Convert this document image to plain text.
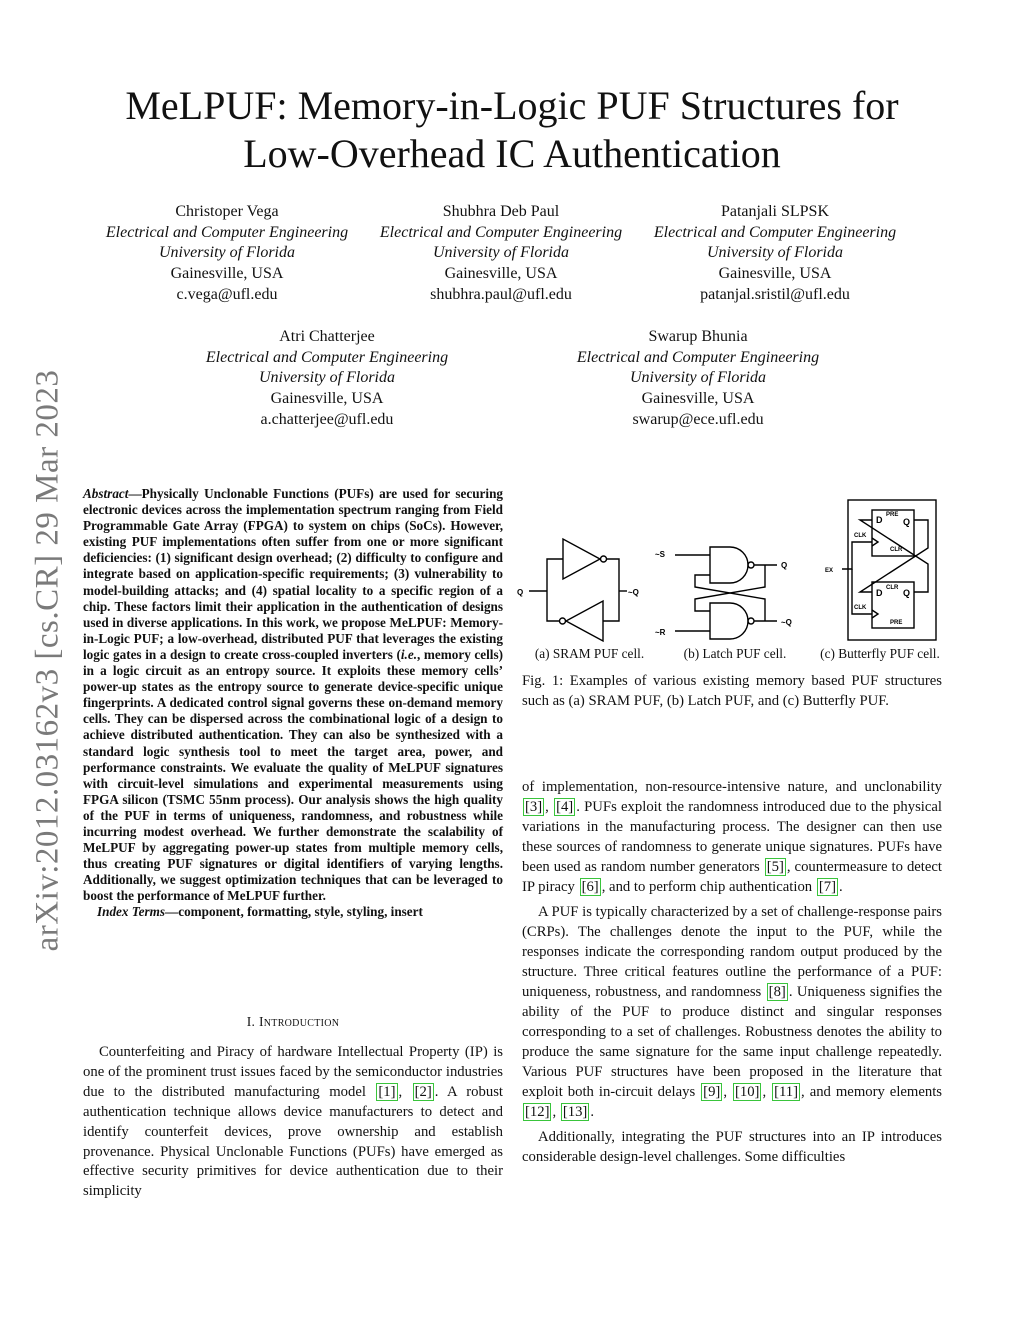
arXiv:2012.03162v3 [cs.CR] 29 Mar 2023
MeLPUF: Memory-in-Logic PUF Structures for
Low-Overhead IC Authentication
Christoper Vega
Electrical and Computer Engineering
University of Florida
Gainesville, USA
c.vega@ufl.edu
Shubhra Deb Paul
Electrical and Computer Engineering
University of Florida
Gainesville, USA
shubhra.paul@ufl.edu
Patanjali SLPSK
Electrical and Computer Engineering
University of Florida
Gainesville, USA
patanjal.sristil@ufl.edu
Atri Chatterjee
Electrical and Computer Engineering
University of Florida
Gainesville, USA
a.chatterjee@ufl.edu
Swarup Bhunia
Electrical and Computer Engineering
University of Florida
Gainesville, USA
swarup@ece.ufl.edu
Abstract—Physically Unclonable Functions (PUFs) are used for securing electronic devices across the implementation spectrum ranging from Field Programmable Gate Array (FPGA) to system on chips (SoCs). However, existing PUF implementations often suffer from one or more significant deficiencies: (1) significant design overhead; (2) difficulty to configure and integrate based on application-specific requirements; (3) vulnerability to model-building attacks; and (4) spatial locality to a specific region of a chip. These factors limit their application in the authentication of designs used in diverse applications. In this work, we propose MeLPUF: Memory-in-Logic PUF; a low-overhead, distributed PUF that leverages the existing logic gates in a design to create cross-coupled inverters (i.e., memory cells) in a logic circuit as an entropy source. It exploits these memory cells’ power-up states as the entropy source to generate device-specific unique fingerprints. A dedicated control signal governs these on-demand memory cells. They can be dispersed across the combinational logic of a design to achieve distributed authentication. They can also be synthesized with a standard logic synthesis tool to meet the target area, power, and performance constraints. We evaluate the quality of MeLPUF signatures with circuit-level simulations and experimental measurements using FPGA silicon (TSMC 55nm process). Our analysis shows the high quality of the PUF in terms of uniqueness, randomness, and robustness while incurring modest overhead. We further demonstrate the scalability of MeLPUF by aggregating power-up states from multiple memory cells, thus creating PUF signatures or digital identifiers of varying lengths. Additionally, we suggest optimization techniques that can be leveraged to boost the performance of MeLPUF further.
Index Terms—component, formatting, style, styling, insert
I. Introduction
Counterfeiting and Piracy of hardware Intellectual Property (IP) is one of the prominent trust issues faced by the semiconductor industries due to the distributed manufacturing model [1] , [2] . A robust authentication technique allows device manufacturers to detect and identify counterfeit devices, prove ownership and establish provenance. Physical Unclonable Functions (PUFs) have emerged as effective security primitives for device authentication due to their simplicity
Q	~Q
~S
~R
Q
~Q
D Q
PRE
CLR
CLK
EX
D Q
CLR
PRE
CLK
(a) SRAM PUF cell.	(b) Latch PUF cell.	(c) Butterfly PUF cell.
Fig. 1: Examples of various existing memory based PUF structures such as (a) SRAM PUF, (b) Latch PUF, and (c) Butterfly PUF.

of implementation, non-resource-intensive nature, and unclonability [3] , [4] . PUFs exploit the randomness introduced due to the physical variations in the manufacturing process. The designer can then use these sources of randomness to generate unique signatures. PUFs have been used as random number generators [5] , countermeasure to detect IP piracy [6] , and to perform chip authentication [7] .

A PUF is typically characterized by a set of challenge-response pairs (CRPs). The challenges denote the input to the PUF, while the responses indicate the corresponding random output produced by the structure. Three critical features outline the performance of a PUF: uniqueness, robustness, and randomness [8] . Uniqueness signifies the ability of the PUF to produce distinct and singular responses corresponding to a set of challenges. Robustness denotes the ability to produce the same signature for the same input challenge repeatedly. Various PUF structures have been proposed in the literature that exploit both in-circuit delays [9] , [10] , [11] , and memory elements [12] , [13] .

Additionally, integrating the PUF structures into an IP introduces considerable design-level challenges. Some difficulties
